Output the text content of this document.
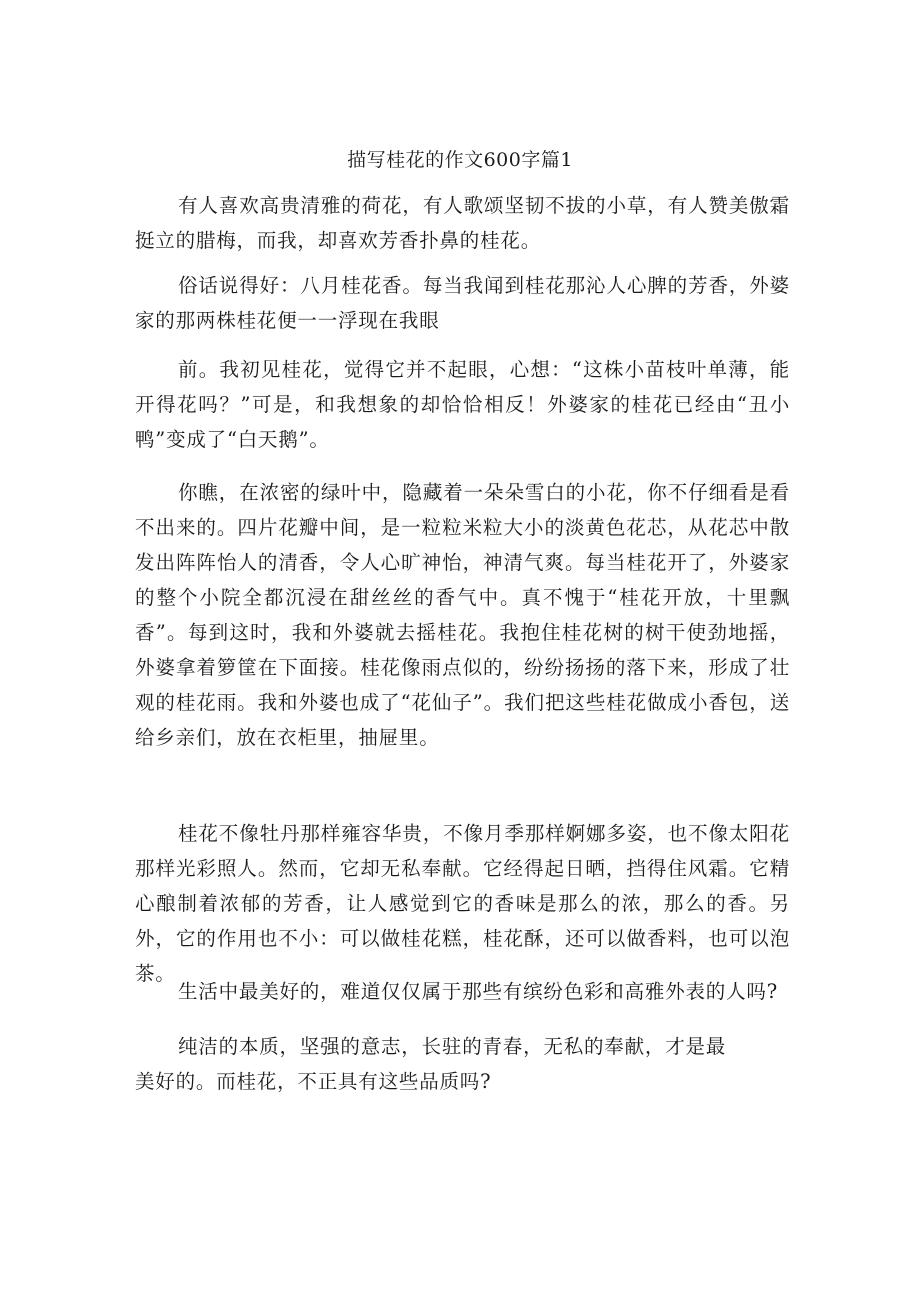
描写桂花的作文600字篇1

有人喜欢高贵清雅的荷花，有人歌颂坚韧不拔的小草，有人赞美傲霜挺立的腊梅，而我，却喜欢芳香扑鼻的桂花。

俗话说得好：八月桂花香。每当我闻到桂花那沁人心脾的芳香，外婆家的那两株桂花便一一浮现在我眼

前。我初见桂花，觉得它并不起眼，心想：“这株小苗枝叶单薄，能开得花吗？”可是，和我想象的却恰恰相反！外婆家的桂花已经由“丑小鸭”变成了“白天鹅”。

你瞧，在浓密的绿叶中，隐藏着一朵朵雪白的小花，你不仔细看是看不出来的。四片花瓣中间，是一粒粒米粒大小的淡黄色花芯，从花芯中散发出阵阵怡人的清香，令人心旷神怡，神清气爽。每当桂花开了，外婆家的整个小院全都沉浸在甜丝丝的香气中。真不愧于“桂花开放，十里飘香”。每到这时，我和外婆就去摇桂花。我抱住桂花树的树干使劲地摇，外婆拿着箩筐在下面接。桂花像雨点似的，纷纷扬扬的落下来，形成了壮观的桂花雨。我和外婆也成了“花仙子”。我们把这些桂花做成小香包，送给乡亲们，放在衣柜里，抽屉里。

桂花不像牡丹那样雍容华贵，不像月季那样婀娜多姿，也不像太阳花那样光彩照人。然而，它却无私奉献。它经得起日晒，挡得住风霜。它精心酿制着浓郁的芳香，让人感觉到它的香味是那么的浓，那么的香。另外，它的作用也不小：可以做桂花糕，桂花酥，还可以做香料，也可以泡茶。

生活中最美好的，难道仅仅属于那些有缤纷色彩和高雅外表的人吗?

纯洁的本质，坚强的意志，长驻的青春，无私的奉献，才是最美好的。而桂花，不正具有这些品质吗?
